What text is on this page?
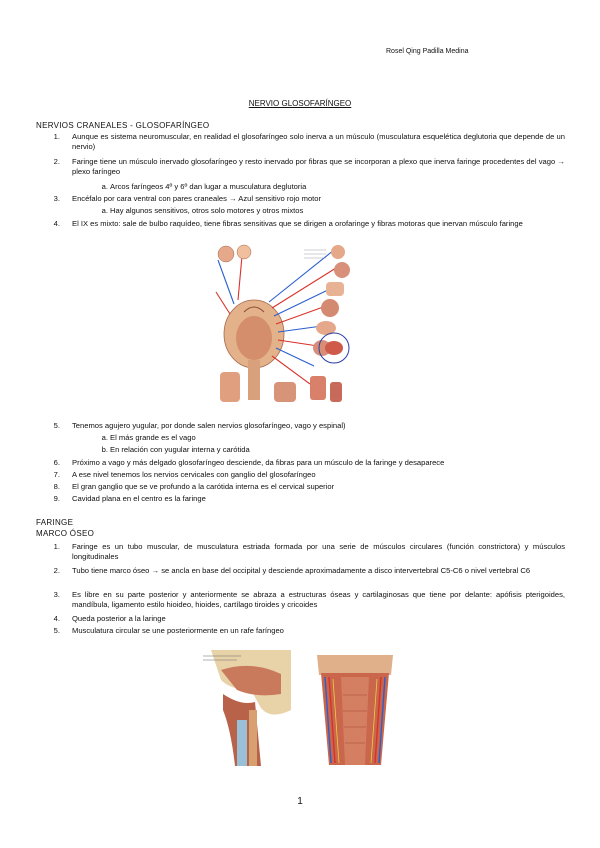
Rosel Qing Padilla Medina
NERVIO GLOSOFARÍNGEO
NERVIOS CRANEALES - GLOSOFARÍNGEO
1. Aunque es sistema neuromuscular, en realidad el glosofaríngeo solo inerva a un músculo (musculatura esquelética deglutoria que depende de un nervio)
2. Faringe tiene un músculo inervado glosofaríngeo y resto inervado por fibras que se incorporan a plexo que inerva faringe procedentes del vago → plexo faríngeo
a. Arcos faríngeos 4º y 6º dan lugar a musculatura deglutoria
3. Encéfalo por cara ventral con pares craneales → Azul sensitivo rojo motor
a. Hay algunos sensitivos, otros solo motores y otros mixtos
4. El IX es mixto: sale de bulbo raquídeo, tiene fibras sensitivas que se dirigen a orofaringe y fibras motoras que inervan músculo faringe
5. Tenemos agujero yugular, por donde salen nervios glosofaríngeo, vago y espinal)
a. El más grande es el vago
b. En relación con yugular interna y carótida
6. Próximo a vago y más delgado glosofaríngeo desciende, da fibras para un músculo de la faringe y desaparece
7. A ese nivel tenemos los nervios cervicales con ganglio del glosofaríngeo
8. El gran ganglio que se ve profundo a la carótida interna es el cervical superior
9. Cavidad plana en el centro es la faringe
FARINGE
MARCO ÓSEO
1. Faringe es un tubo muscular, de musculatura estriada formada por una serie de músculos circulares (función constrictora) y músculos longitudinales
2. Tubo tiene marco óseo → se ancla en base del occipital y desciende aproximadamente a disco intervertebral C5-C6 o nivel vertebral C6
3. Es libre en su parte posterior y anteriormente se abraza a estructuras óseas y cartilaginosas que tiene por delante: apófisis pterigoides, mandíbula, ligamento estilo hioideo, hioides, cartílago tiroides y cricoides
4. Queda posterior a la laringe
5. Musculatura circular se une posteriormente en un rafe faríngeo
1
